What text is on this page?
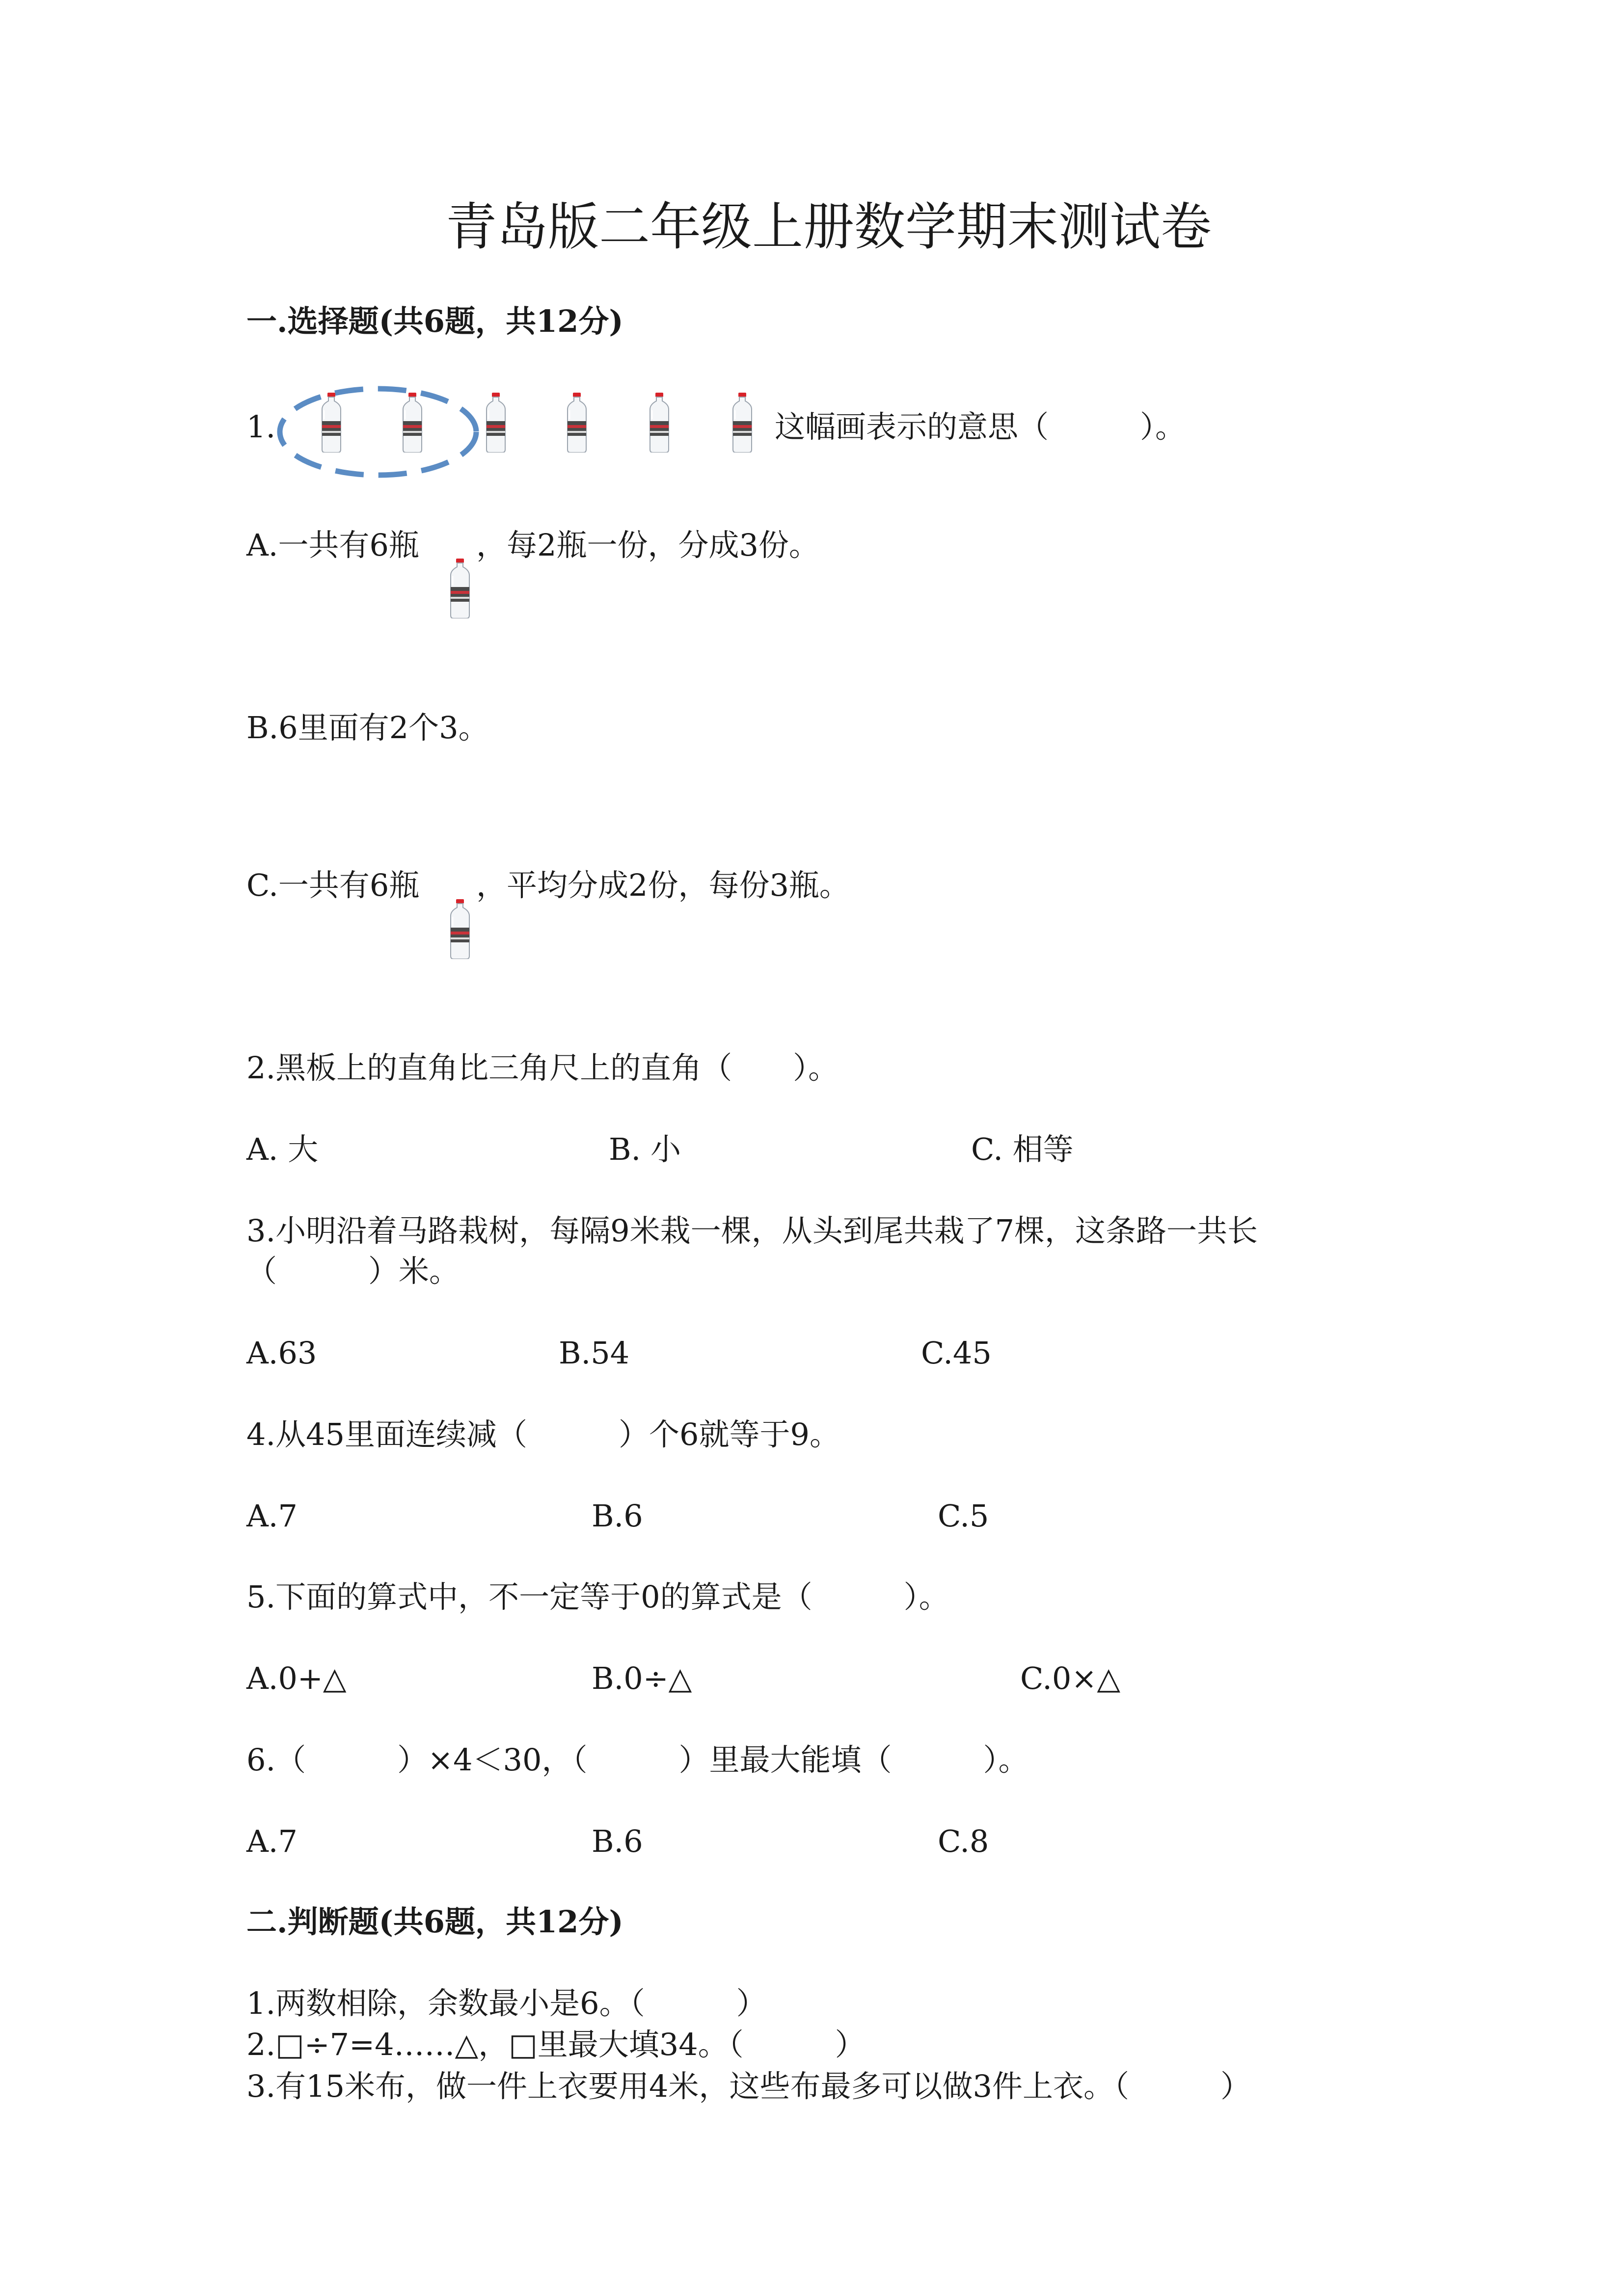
青岛版二年级上册数学期末测试卷
一.选择题(共6题，共12分)
1.	这幅画表示的意思（　　　）。
A.一共有6瓶 ，每2瓶一份，分成3份。
B.6里面有2个3。
C.一共有6瓶 ，平均分成2份，每份3瓶。
2.黑板上的直角比三角尺上的直角（　　）。
A. 大	B. 小	C. 相等
3.小明沿着马路栽树，每隔9米栽一棵，从头到尾共栽了7棵，这条路一共长
（　　　）米。
A.63	B.54	C.45
4.从45里面连续减（　　　）个6就等于9。
A.7	B.6	C.5
5.下面的算式中，不一定等于0的算式是（　　　）。
A.0+△	B.0÷△	C.0×△
6.（　　　）×4＜30，（　　　）里最大能填（　　　）。
A.7	B.6	C.8
二.判断题(共6题，共12分)
1.两数相除，余数最小是6。（　　　）
2.□÷7=4……△，□里最大填34。（　　　）
3.有15米布，做一件上衣要用4米，这些布最多可以做3件上衣。（　　　）
